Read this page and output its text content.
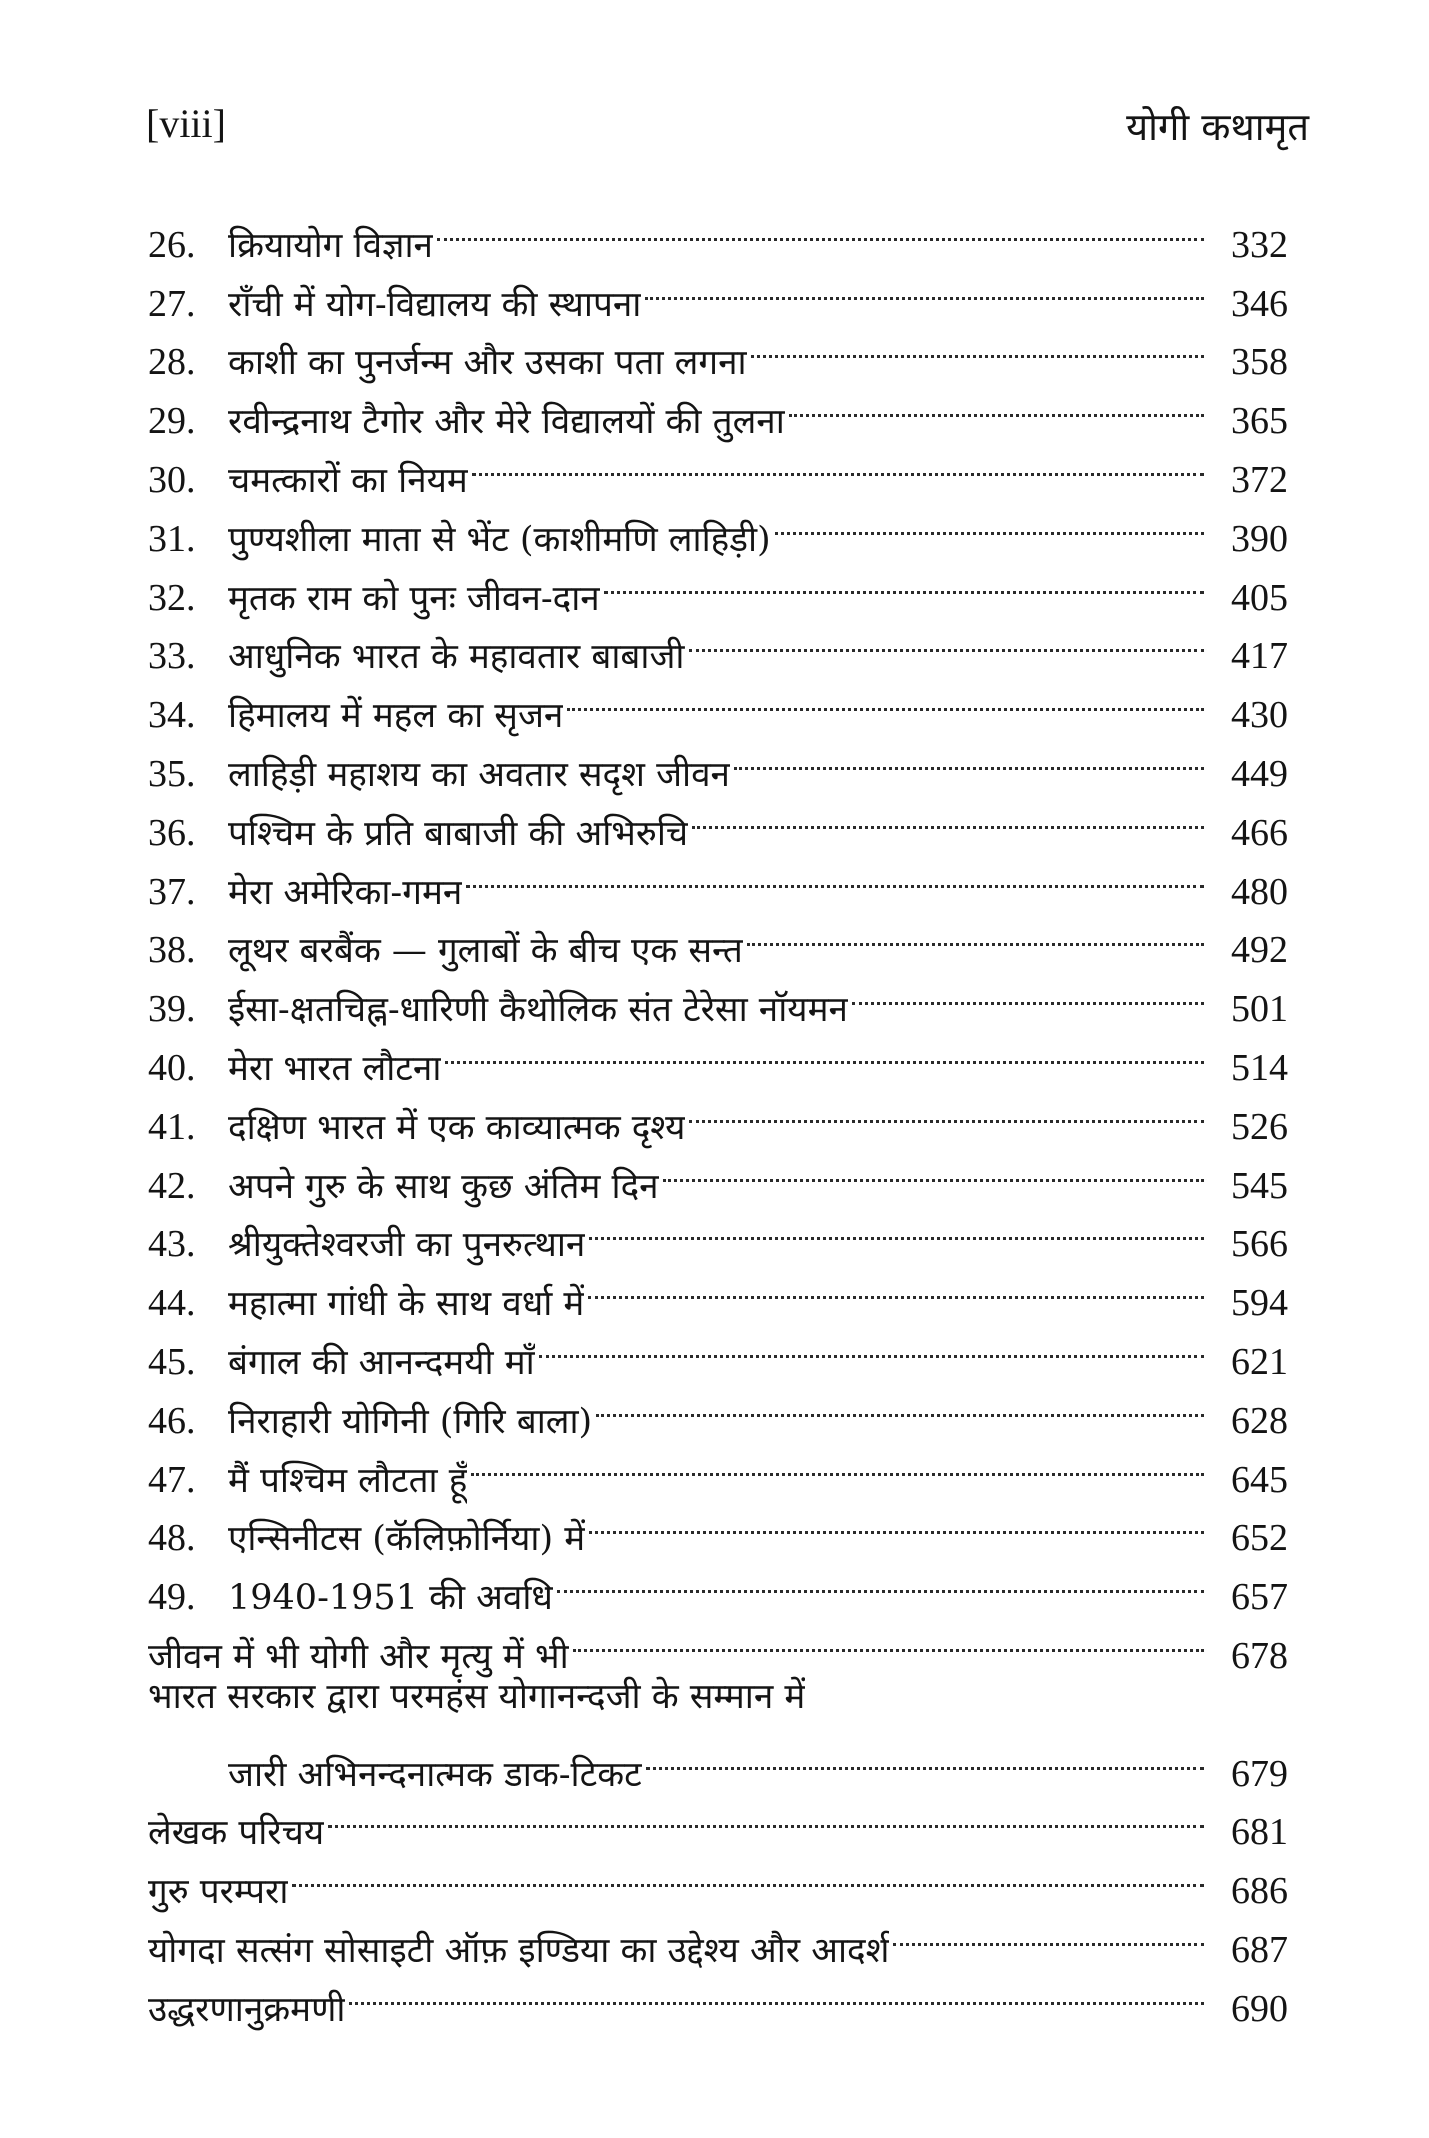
[viii]	योगी कथामृत
26. क्रियायोग विज्ञान	332
27. राँची में योग-विद्यालय की स्थापना	346
28. काशी का पुनर्जन्म और उसका पता लगना	358
29. रवीन्द्रनाथ टैगोर और मेरे विद्यालयों की तुलना	365
30. चमत्कारों का नियम	372
31. पुण्यशीला माता से भेंट (काशीमणि लाहिड़ी)	390
32. मृतक राम को पुनः जीवन-दान	405
33. आधुनिक भारत के महावतार बाबाजी	417
34. हिमालय में महल का सृजन	430
35. लाहिड़ी महाशय का अवतार सदृश जीवन	449
36. पश्चिम के प्रति बाबाजी की अभिरुचि	466
37. मेरा अमेरिका-गमन	480
38. लूथर बरबैंक — गुलाबों के बीच एक सन्त	492
39. ईसा-क्षतचिह्न-धारिणी कैथोलिक संत टेरेसा नॉयमन	501
40. मेरा भारत लौटना	514
41. दक्षिण भारत में एक काव्यात्मक दृश्य	526
42. अपने गुरु के साथ कुछ अंतिम दिन	545
43. श्रीयुक्तेश्वरजी का पुनरुत्थान	566
44. महात्मा गांधी के साथ वर्धा में	594
45. बंगाल की आनन्दमयी माँ	621
46. निराहारी योगिनी (गिरि बाला)	628
47. मैं पश्चिम लौटता हूँ	645
48. एन्सिनीटस (कॅलिफ़ोर्निया) में	652
49. 1940-1951 की अवधि	657
जीवन में भी योगी और मृत्यु में भी	678
भारत सरकार द्वारा परमहंस योगानन्दजी के सम्मान में
जारी अभिनन्दनात्मक डाक-टिकट	679
लेखक परिचय	681
गुरु परम्परा	686
योगदा सत्संग सोसाइटी ऑफ़ इण्डिया का उद्देश्य और आदर्श	687
उद्धरणानुक्रमणी	690
